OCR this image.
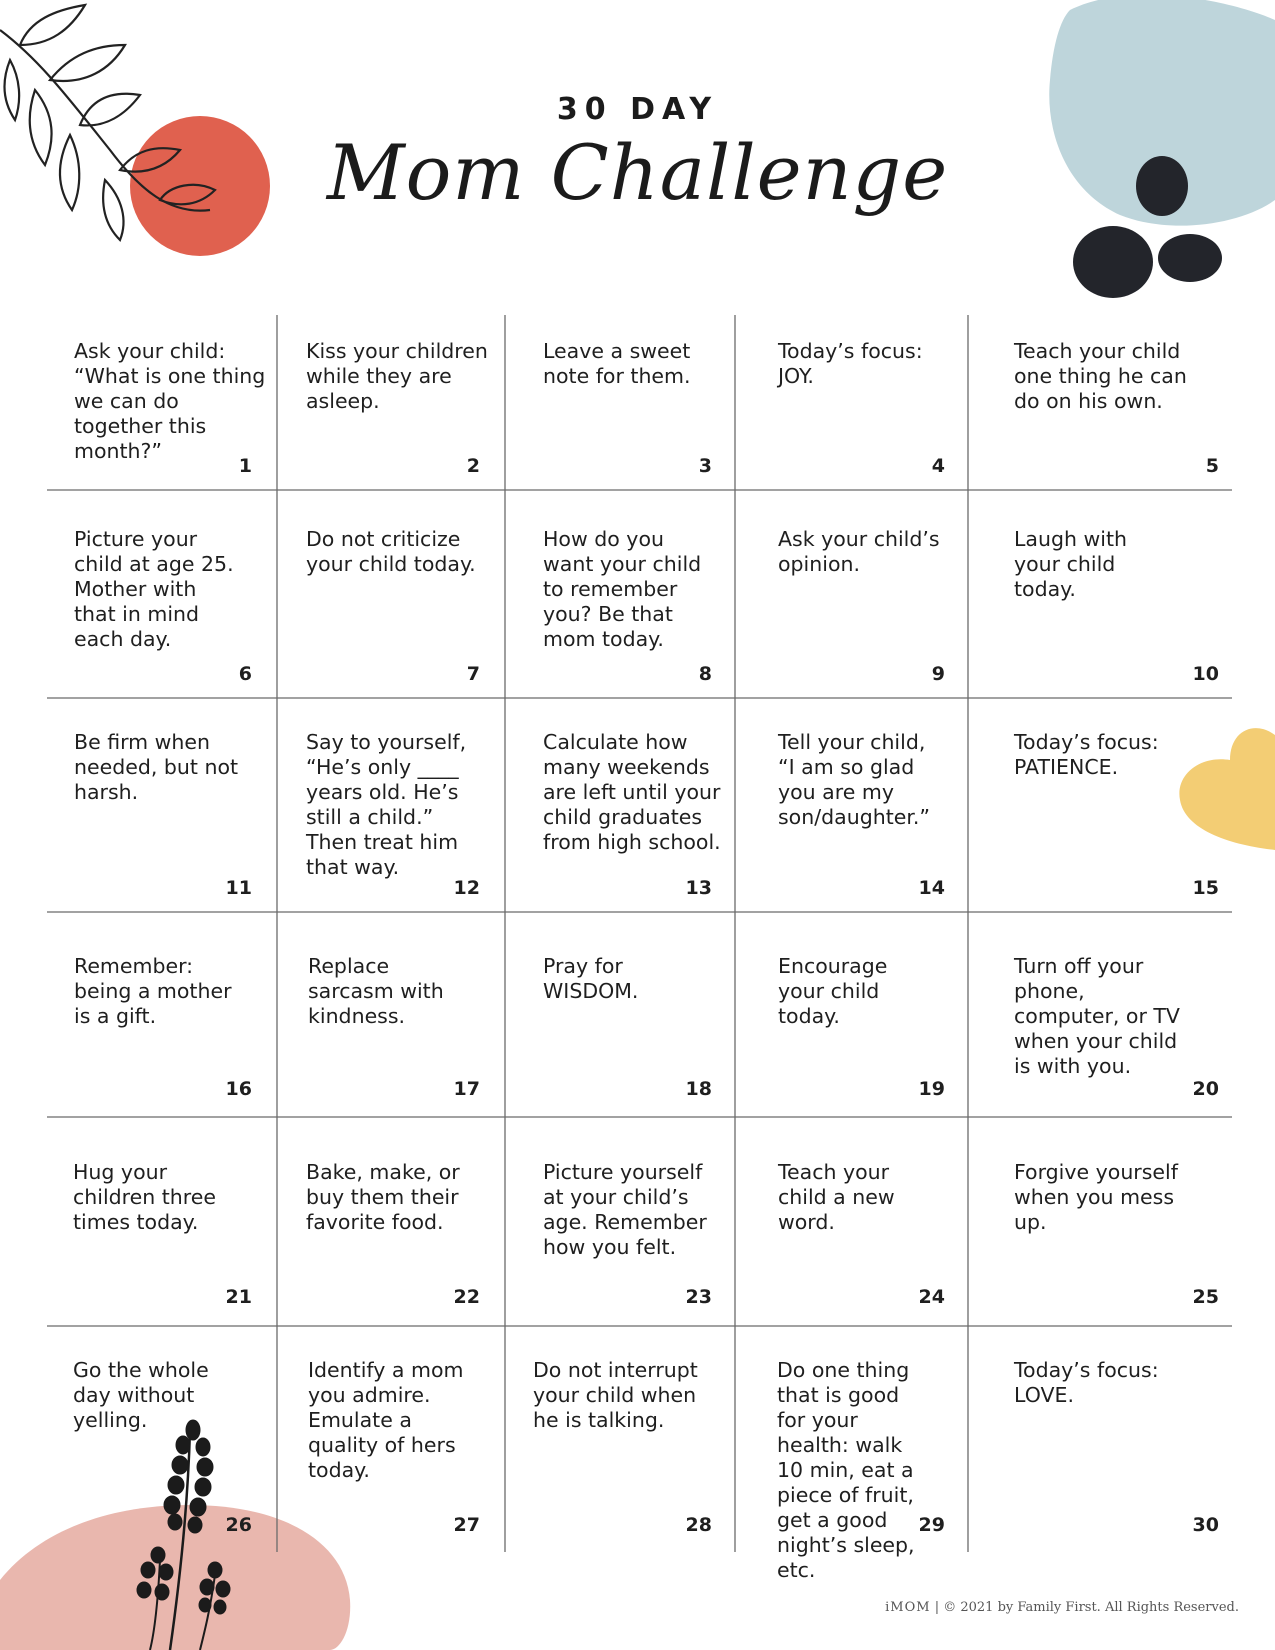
30 DAY
Mom Challenge
Ask your child: “What is one thing we can do together this month?”
1
Kiss your children while they are asleep.
2
Leave a sweet note for them.
3
Today’s focus: JOY.
4
Teach your child one thing he can do on his own.
5
Picture your child at age 25. Mother with that in mind each day.
6
Do not criticize your child today.
7
How do you want your child to remember you? Be that mom today.
8
Ask your child’s opinion.
9
Laugh with your child today.
10
Be firm when needed, but not harsh.
11
Say to yourself, “He’s only ____ years old. He’s still a child.” Then treat him that way.
12
Calculate how many weekends are left until your child graduates from high school.
13
Tell your child, “I am so glad you are my son/daughter.”
14
Today’s focus: PATIENCE.
15
Remember: being a mother is a gift.
16
Replace sarcasm with kindness.
17
Pray for WISDOM.
18
Encourage your child today.
19
Turn off your phone, computer, or TV when your child is with you.
20
Hug your children three times today.
21
Bake, make, or buy them their favorite food.
22
Picture yourself at your child’s age. Remember how you felt.
23
Teach your child a new word.
24
Forgive yourself when you mess up.
25
Go the whole day without yelling.
26
Identify a mom you admire. Emulate a quality of hers today.
27
Do not interrupt your child when he is talking.
28
Do one thing that is good for your health: walk 10 min, eat a piece of fruit, get a good night’s sleep, etc.
29
Today’s focus: LOVE.
30
iMOM | © 2021 by Family First. All Rights Reserved.
